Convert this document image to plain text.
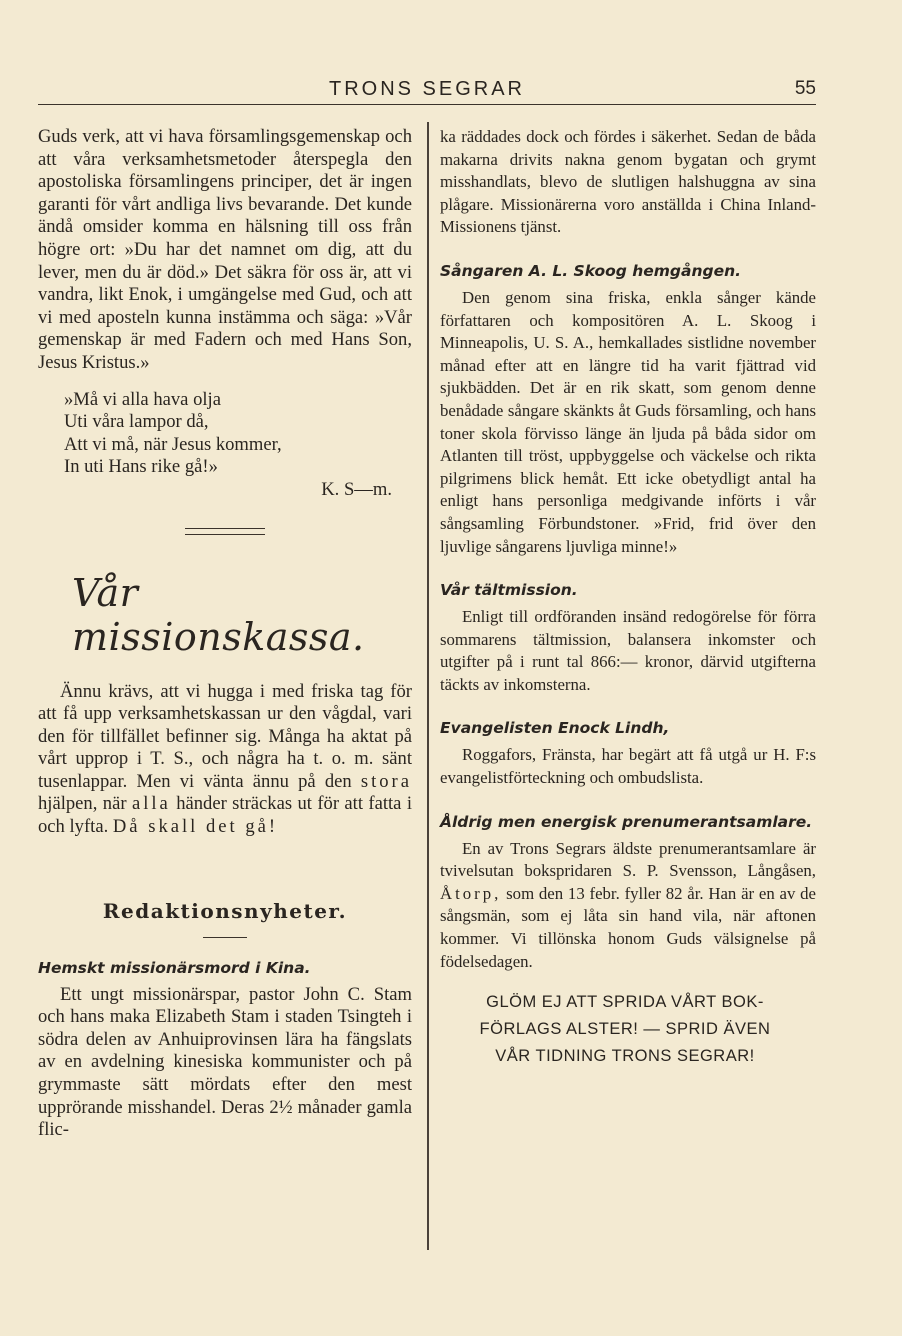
TRONS SEGRAR	55

Guds verk, att vi hava församlingsgemenskap och att våra verksamhetsmetoder återspegla den apostoliska församlingens principer, det är ingen garanti för vårt andliga livs bevarande. Det kunde ändå omsider komma en hälsning till oss från högre ort: »Du har det namnet om dig, att du lever, men du är död.» Det säkra för oss är, att vi vandra, likt Enok, i umgängelse med Gud, och att vi med aposteln kunna instämma och säga: »Vår gemenskap är med Fadern och med Hans Son, Jesus Kristus.»

»Må vi alla hava olja
Uti våra lampor då,
Att vi må, när Jesus kommer,
In uti Hans rike gå!»
K. S—m.
Vår missionskassa.

Ännu krävs, att vi hugga i med friska tag för att få upp verksamhetskassan ur den vågdal, vari den för tillfället befinner sig. Många ha aktat på vårt upprop i T. S., och några ha t. o. m. sänt tusenlappar. Men vi vänta ännu på den stora hjälpen, när alla händer sträckas ut för att fatta i och lyfta. Då skall det gå!

Redaktionsnyheter.
Hemskt missionärsmord i Kina.

Ett ungt missionärspar, pastor John C. Stam och hans maka Elizabeth Stam i staden Tsingteh i södra delen av Anhuiprovinsen lära ha fängslats av en avdelning kinesiska kommunister och på grymmaste sätt mördats efter den mest upprörande misshandel. Deras 2½ månader gamla flic-

ka räddades dock och fördes i säkerhet. Sedan de båda makarna drivits nakna genom bygatan och grymt misshandlats, blevo de slutligen halshuggna av sina plågare. Missionärerna voro anställda i China Inland-Missionens tjänst.

Sångaren A. L. Skoog hemgången.

Den genom sina friska, enkla sånger kände författaren och kompositören A. L. Skoog i Minneapolis, U. S. A., hemkallades sistlidne november månad efter att en längre tid ha varit fjättrad vid sjukbädden. Det är en rik skatt, som genom denne benådade sångare skänkts åt Guds församling, och hans toner skola förvisso länge än ljuda på båda sidor om Atlanten till tröst, uppbyggelse och väckelse och rikta pilgrimens blick hemåt. Ett icke obetydligt antal ha enligt hans personliga medgivande införts i vår sångsamling Förbundstoner. »Frid, frid över den ljuvlige sångarens ljuvliga minne!»

Vår tältmission.

Enligt till ordföranden insänd redogörelse för förra sommarens tältmission, balansera inkomster och utgifter på i runt tal 866:— kronor, därvid utgifterna täckts av inkomsterna.

Evangelisten Enock Lindh,

Roggafors, Fränsta, har begärt att få utgå ur H. F:s evangelistförteckning och ombudslista.

Åldrig men energisk prenumerantsamlare.

En av Trons Segrars äldste prenumerantsamlare är tvivelsutan bokspridaren S. P. Svensson, Långåsen, Åtorp, som den 13 febr. fyller 82 år. Han är en av de sångsmän, som ej låta sin hand vila, när aftonen kommer. Vi tillönska honom Guds välsignelse på födelsedagen.

GLÖM EJ ATT SPRIDA VÅRT BOK-
FÖRLAGS ALSTER! — SPRID ÄVEN
VÅR TIDNING TRONS SEGRAR!
